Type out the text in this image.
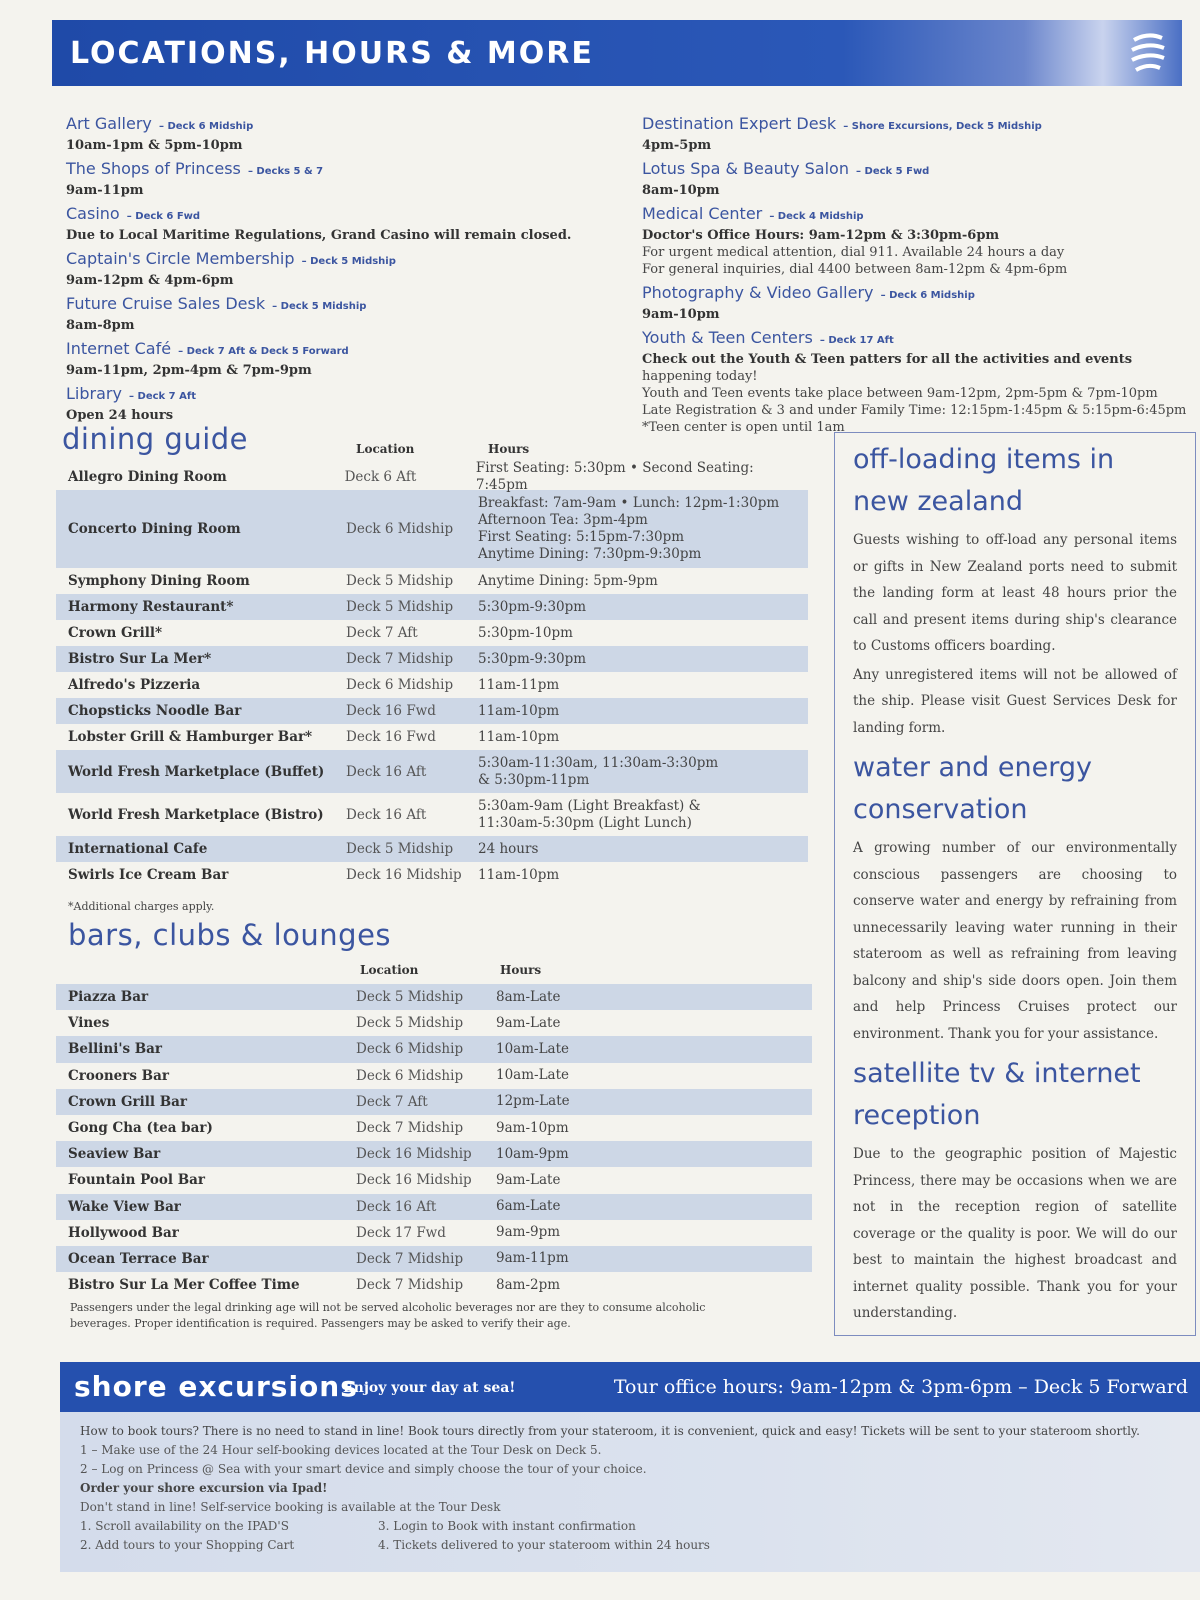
LOCATIONS, HOURS & MORE
Art Gallery – Deck 6 Midship
10am-1pm & 5pm-10pm
The Shops of Princess – Decks 5 & 7
9am-11pm
Casino – Deck 6 Fwd
Due to Local Maritime Regulations, Grand Casino will remain closed.
Captain's Circle Membership – Deck 5 Midship
9am-12pm & 4pm-6pm
Future Cruise Sales Desk – Deck 5 Midship
8am-8pm
Internet Café – Deck 7 Aft & Deck 5 Forward
9am-11pm, 2pm-4pm & 7pm-9pm
Library – Deck 7 Aft
Open 24 hours
Destination Expert Desk – Shore Excursions, Deck 5 Midship
4pm-5pm
Lotus Spa & Beauty Salon – Deck 5 Fwd
8am-10pm
Medical Center – Deck 4 Midship
Doctor's Office Hours: 9am-12pm & 3:30pm-6pm
For urgent medical attention, dial 911. Available 24 hours a day
For general inquiries, dial 4400 between 8am-12pm & 4pm-6pm
Photography & Video Gallery – Deck 6 Midship
9am-10pm
Youth & Teen Centers – Deck 17 Aft
Check out the Youth & Teen patters for all the activities and events
happening today!
Youth and Teen events take place between 9am-12pm, 2pm-5pm & 7pm-10pm
Late Registration & 3 and under Family Time: 12:15pm-1:45pm & 5:15pm-6:45pm
*Teen center is open until 1am
dining guide	Location	Hours
Allegro Dining Room	Deck 6 Aft
First Seating: 5:30pm • Second Seating: 7:45pm
Concerto Dining Room	Deck 6 Midship
Breakfast: 7am-9am • Lunch: 12pm-1:30pm
Afternoon Tea: 3pm-4pm
First Seating: 5:15pm-7:30pm
Anytime Dining: 7:30pm-9:30pm
Symphony Dining Room	Deck 5 Midship	Anytime Dining: 5pm-9pm
Harmony Restaurant*	Deck 5 Midship	5:30pm-9:30pm
Crown Grill*	Deck 7 Aft	5:30pm-10pm
Bistro Sur La Mer*	Deck 7 Midship	5:30pm-9:30pm
Alfredo's Pizzeria	Deck 6 Midship	11am-11pm
Chopsticks Noodle Bar	Deck 16 Fwd	11am-10pm
Lobster Grill & Hamburger Bar*	Deck 16 Fwd	11am-10pm
World Fresh Marketplace (Buffet)	Deck 16 Aft
5:30am-11:30am, 11:30am-3:30pm
& 5:30pm-11pm
World Fresh Marketplace (Bistro)	Deck 16 Aft
5:30am-9am (Light Breakfast) &
11:30am-5:30pm (Light Lunch)
International Cafe	Deck 5 Midship	24 hours
Swirls Ice Cream Bar	Deck 16 Midship	11am-10pm
*Additional charges apply.
bars, clubs & lounges
Location	Hours
Piazza Bar	Deck 5 Midship	8am-Late
Vines	Deck 5 Midship	9am-Late
Bellini's Bar	Deck 6 Midship	10am-Late
Crooners Bar	Deck 6 Midship	10am-Late
Crown Grill Bar	Deck 7 Aft	12pm-Late
Gong Cha (tea bar)	Deck 7 Midship	9am-10pm
Seaview Bar	Deck 16 Midship	10am-9pm
Fountain Pool Bar	Deck 16 Midship	9am-Late
Wake View Bar	Deck 16 Aft	6am-Late
Hollywood Bar	Deck 17 Fwd	9am-9pm
Ocean Terrace Bar	Deck 7 Midship	9am-11pm
Bistro Sur La Mer Coffee Time	Deck 7 Midship	8am-2pm
Passengers under the legal drinking age will not be served alcoholic beverages nor are they to consume alcoholic
beverages. Proper identification is required. Passengers may be asked to verify their age.
off-loading items in
new zealand

Guests wishing to off-load any personal items or gifts in New Zealand ports need to submit the landing form at least 48 hours prior the call and present items during ship's clearance to Customs officers boarding.

Any unregistered items will not be allowed of the ship. Please visit Guest Services Desk for landing form.

water and energy
conservation

A growing number of our environmentally conscious passengers are choosing to conserve water and energy by refraining from unnecessarily leaving water running in their stateroom as well as refraining from leaving balcony and ship's side doors open. Join them and help Princess Cruises protect our environment. Thank you for your assistance.

satellite tv & internet
reception

Due to the geographic position of Majestic Princess, there may be occasions when we are not in the reception region of satellite coverage or the quality is poor. We will do our best to maintain the highest broadcast and internet quality possible. Thank you for your understanding.

shore excursions
Enjoy your day at sea!	Tour office hours: 9am-12pm & 3pm-6pm – Deck 5 Forward
How to book tours? There is no need to stand in line! Book tours directly from your stateroom, it is convenient, quick and easy! Tickets will be sent to your stateroom shortly.
1 – Make use of the 24 Hour self-booking devices located at the Tour Desk on Deck 5.
2 – Log on Princess @ Sea with your smart device and simply choose the tour of your choice.
Order your shore excursion via Ipad!
Don't stand in line! Self-service booking is available at the Tour Desk
1. Scroll availability on the IPAD'S	3. Login to Book with instant confirmation
2. Add tours to your Shopping Cart	4. Tickets delivered to your stateroom within 24 hours
